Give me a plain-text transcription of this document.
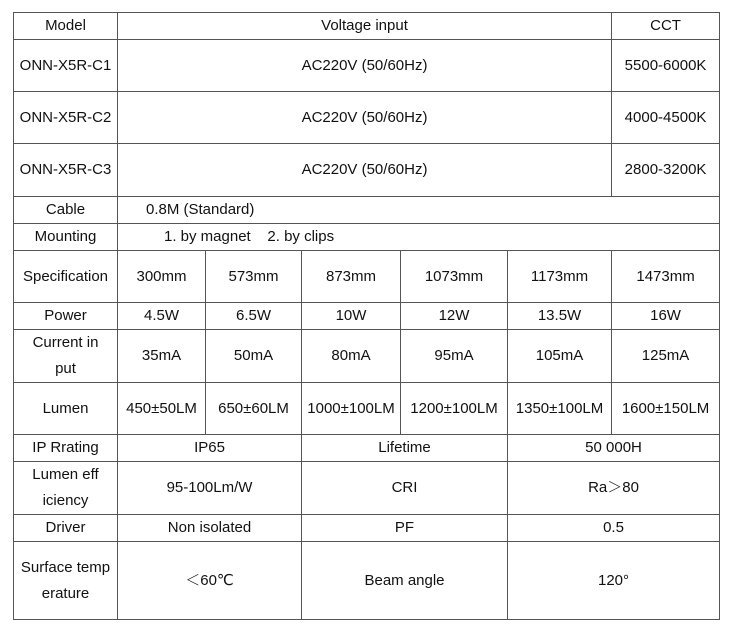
Model	Voltage input					CCT
ONN-X5R-C1	AC220V (50/60Hz)					5500-6000K
ONN-X5R-C2	AC220V (50/60Hz)					4000-4500K
ONN-X5R-C3	AC220V (50/60Hz)					2800-3200K
Cable	0.8M (Standard)					
Mounting	1. by magnet    2. by clips					
Specification	300mm	573mm	873mm	1073mm	1173mm	1473mm
Power	4.5W	6.5W	10W	12W	13.5W	16W
Current input	35mA	50mA	80mA	95mA	105mA	125mA
Lumen	450±50LM	650±60LM	1000±100LM	1200±100LM	1350±100LM	1600±150LM
IP Rrating	IP65		Lifetime		50 000H	
Lumen efficiency	95-100Lm/W		CRI		Ra＞80	
Driver	Non isolated		PF		0.5	
Surface temperature	＜60℃		Beam angle		120°	
